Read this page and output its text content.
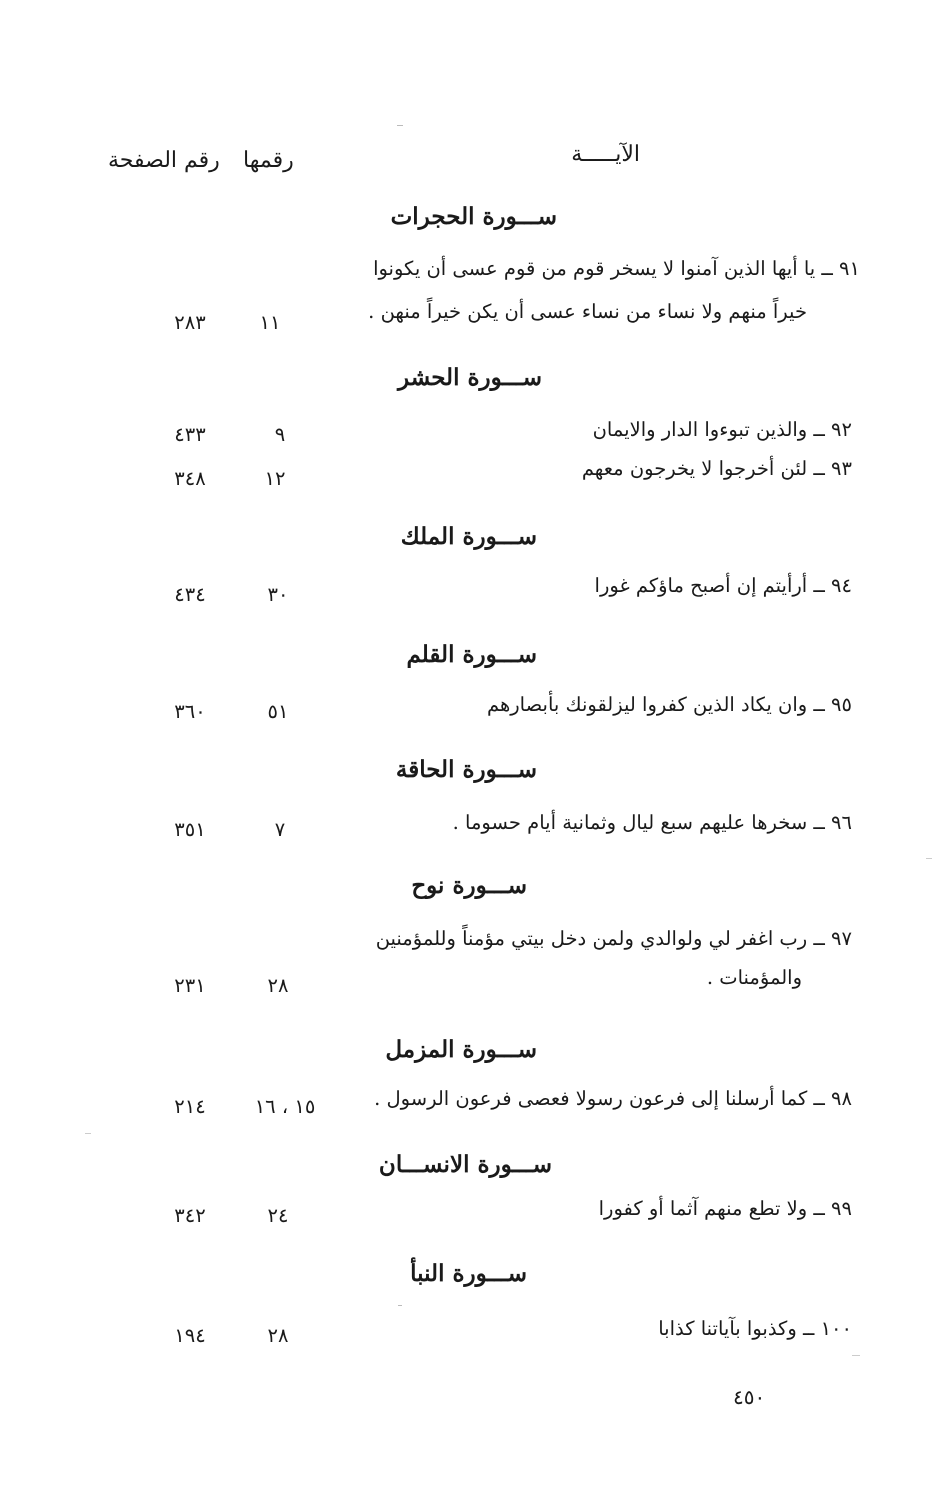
الآيـــــة
رقمها
رقم الصفحة
ســـورة الحجرات
٩١ ــ يا أيها الذين آمنوا لا يسخر قوم من قوم عسى أن يكونوا
خيراً منهم ولا نساء من نساء عسى أن يكن خيراً منهن .
١١
٢٨٣
ســـورة الحشر
٩٢ ــ والذين تبوءوا الدار والايمان
٩
٤٣٣
٩٣ ــ لئن أخرجوا لا يخرجون معهم
١٢
٣٤٨
ســـورة الملك
٩٤ ــ أرأيتم إن أصبح ماؤكم غورا
٣٠
٤٣٤
ســـورة القلم
٩٥ ــ وان يكاد الذين كفروا ليزلقونك بأبصارهم
٥١
٣٦٠
ســـورة الحاقة
٩٦ ــ سخرها عليهم سبع ليال وثمانية أيام حسوما .
٧
٣٥١
ســـورة نوح
٩٧ ــ رب اغفر لي ولوالدي ولمن دخل بيتي مؤمناً وللمؤمنين
والمؤمنات .
٢٨
٢٣١
ســـورة المزمل
٩٨ ــ كما أرسلنا إلى فرعون رسولا فعصى فرعون الرسول .
١٥ ، ١٦
٢١٤
ســـورة الانســـان
٩٩ ــ ولا تطع منهم آثما أو كفورا
٢٤
٣٤٢
ســـورة النبأ
١٠٠ ــ وكذبوا بآياتنا كذابا
٢٨
١٩٤
٤٥٠
